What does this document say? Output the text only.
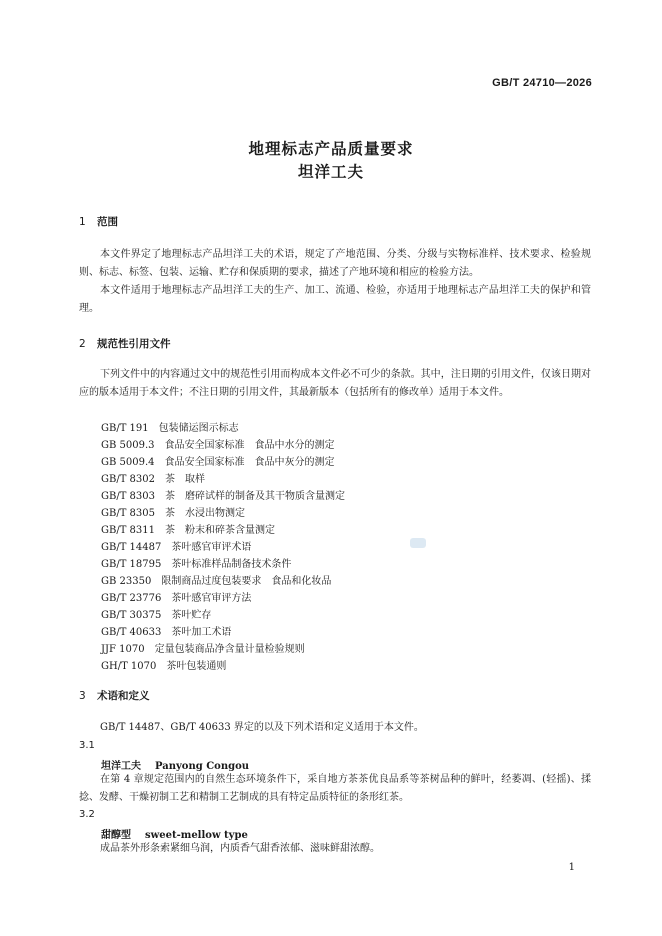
GB/T 24710—2026
地理标志产品质量要求
坦洋工夫
1 范围
本文件界定了地理标志产品坦洋工夫的术语，规定了产地范围、分类、分级与实物标准样、技术要求、检验规则、标志、标签、包装、运输、贮存和保质期的要求，描述了产地环境和相应的检验方法。
本文件适用于地理标志产品坦洋工夫的生产、加工、流通、检验，亦适用于地理标志产品坦洋工夫的保护和管理。
2 规范性引用文件
下列文件中的内容通过文中的规范性引用而构成本文件必不可少的条款。其中，注日期的引用文件，仅该日期对应的版本适用于本文件；不注日期的引用文件，其最新版本（包括所有的修改单）适用于本文件。
GB/T 191　包装储运图示标志
GB 5009.3　食品安全国家标准　食品中水分的测定
GB 5009.4　食品安全国家标准　食品中灰分的测定
GB/T 8302　茶　取样
GB/T 8303　茶　磨碎试样的制备及其干物质含量测定
GB/T 8305　茶　水浸出物测定
GB/T 8311　茶　粉末和碎茶含量测定
GB/T 14487　茶叶感官审评术语
GB/T 18795　茶叶标准样品制备技术条件
GB 23350　限制商品过度包装要求　食品和化妆品
GB/T 23776　茶叶感官审评方法
GB/T 30375　茶叶贮存
GB/T 40633　茶叶加工术语
JJF 1070　定量包装商品净含量计量检验规则
GH/T 1070　茶叶包装通则
3 术语和定义
GB/T 14487、GB/T 40633 界定的以及下列术语和定义适用于本文件。
3.1
坦洋工夫 Panyong Congou
在第 4 章规定范围内的自然生态环境条件下，采自地方茶茶优良品系等茶树品种的鲜叶，经萎凋、(轻摇)、揉捻、发酵、干燥初制工艺和精制工艺制成的具有特定品质特征的条形红茶。
3.2
甜醇型 sweet-mellow type
成品茶外形条索紧细乌润，内质香气甜香浓郁、滋味鲜甜浓醇。
1
